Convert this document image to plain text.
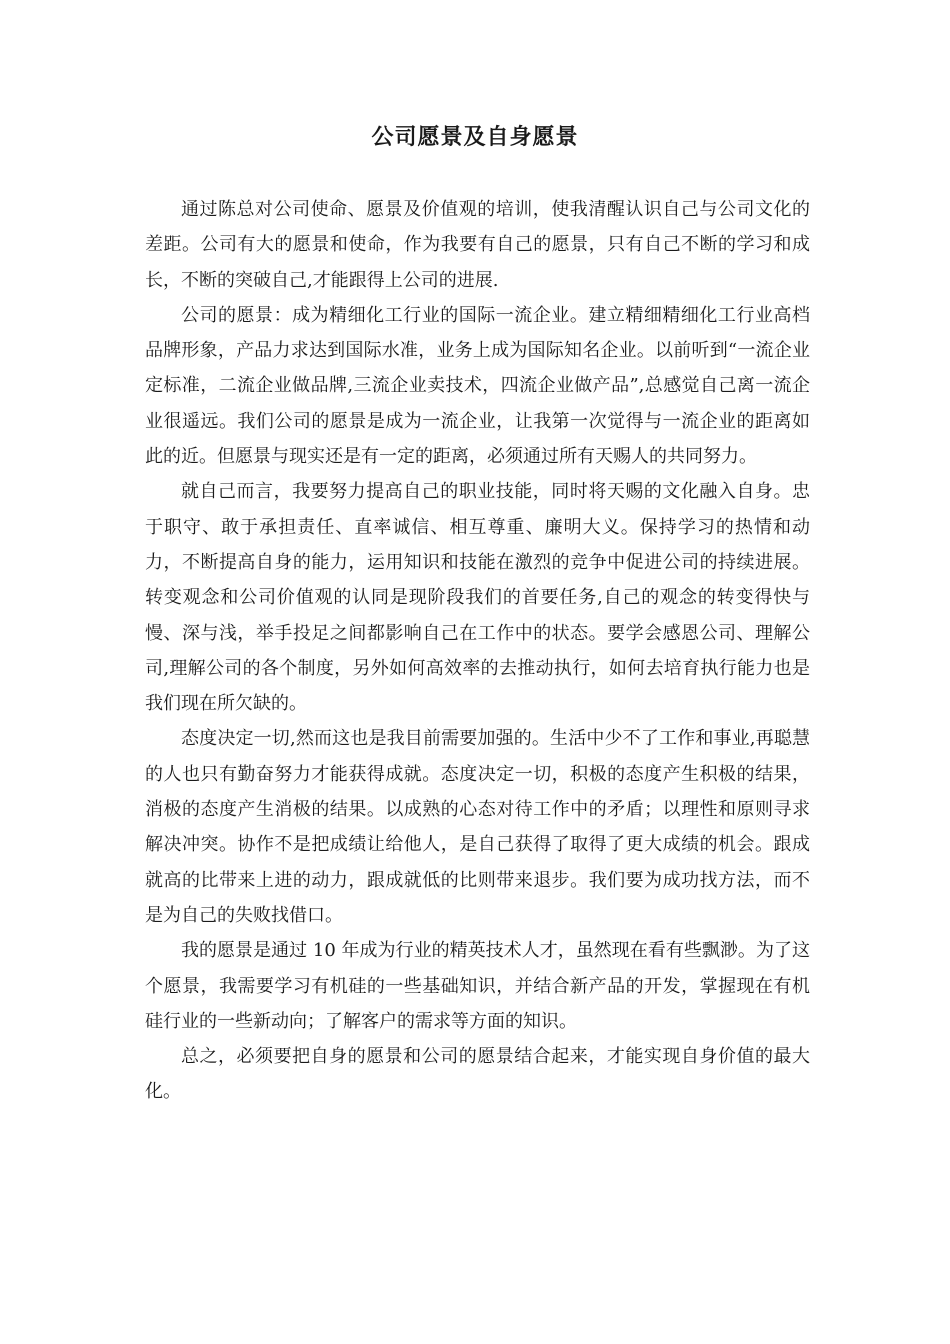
公司愿景及自身愿景

通过陈总对公司使命、愿景及价值观的培训，使我清醒认识自己与公司文化的差距。公司有大的愿景和使命，作为我要有自己的愿景，只有自己不断的学习和成长，不断的突破自己,才能跟得上公司的进展.

公司的愿景：成为精细化工行业的国际一流企业。建立精细精细化工行业高档品牌形象，产品力求达到国际水准，业务上成为国际知名企业。以前听到“一流企业定标准，二流企业做品牌,三流企业卖技术，四流企业做产品”,总感觉自己离一流企业很遥远。我们公司的愿景是成为一流企业，让我第一次觉得与一流企业的距离如此的近。但愿景与现实还是有一定的距离，必须通过所有天赐人的共同努力。

就自己而言，我要努力提高自己的职业技能，同时将天赐的文化融入自身。忠于职守、敢于承担责任、直率诚信、相互尊重、廉明大义。保持学习的热情和动力，不断提高自身的能力，运用知识和技能在激烈的竞争中促进公司的持续进展。转变观念和公司价值观的认同是现阶段我们的首要任务,自己的观念的转变得快与慢、深与浅，举手投足之间都影响自己在工作中的状态。要学会感恩公司、理解公司,理解公司的各个制度，另外如何高效率的去推动执行，如何去培育执行能力也是我们现在所欠缺的。

态度决定一切,然而这也是我目前需要加强的。生活中少不了工作和事业,再聪慧的人也只有勤奋努力才能获得成就。态度决定一切，积极的态度产生积极的结果，消极的态度产生消极的结果。以成熟的心态对待工作中的矛盾；以理性和原则寻求解决冲突。协作不是把成绩让给他人，是自己获得了取得了更大成绩的机会。跟成就高的比带来上进的动力，跟成就低的比则带来退步。我们要为成功找方法，而不是为自己的失败找借口。

我的愿景是通过 10 年成为行业的精英技术人才，虽然现在看有些飘渺。为了这个愿景，我需要学习有机硅的一些基础知识，并结合新产品的开发，掌握现在有机硅行业的一些新动向；了解客户的需求等方面的知识。

总之，必须要把自身的愿景和公司的愿景结合起来，才能实现自身价值的最大化。
